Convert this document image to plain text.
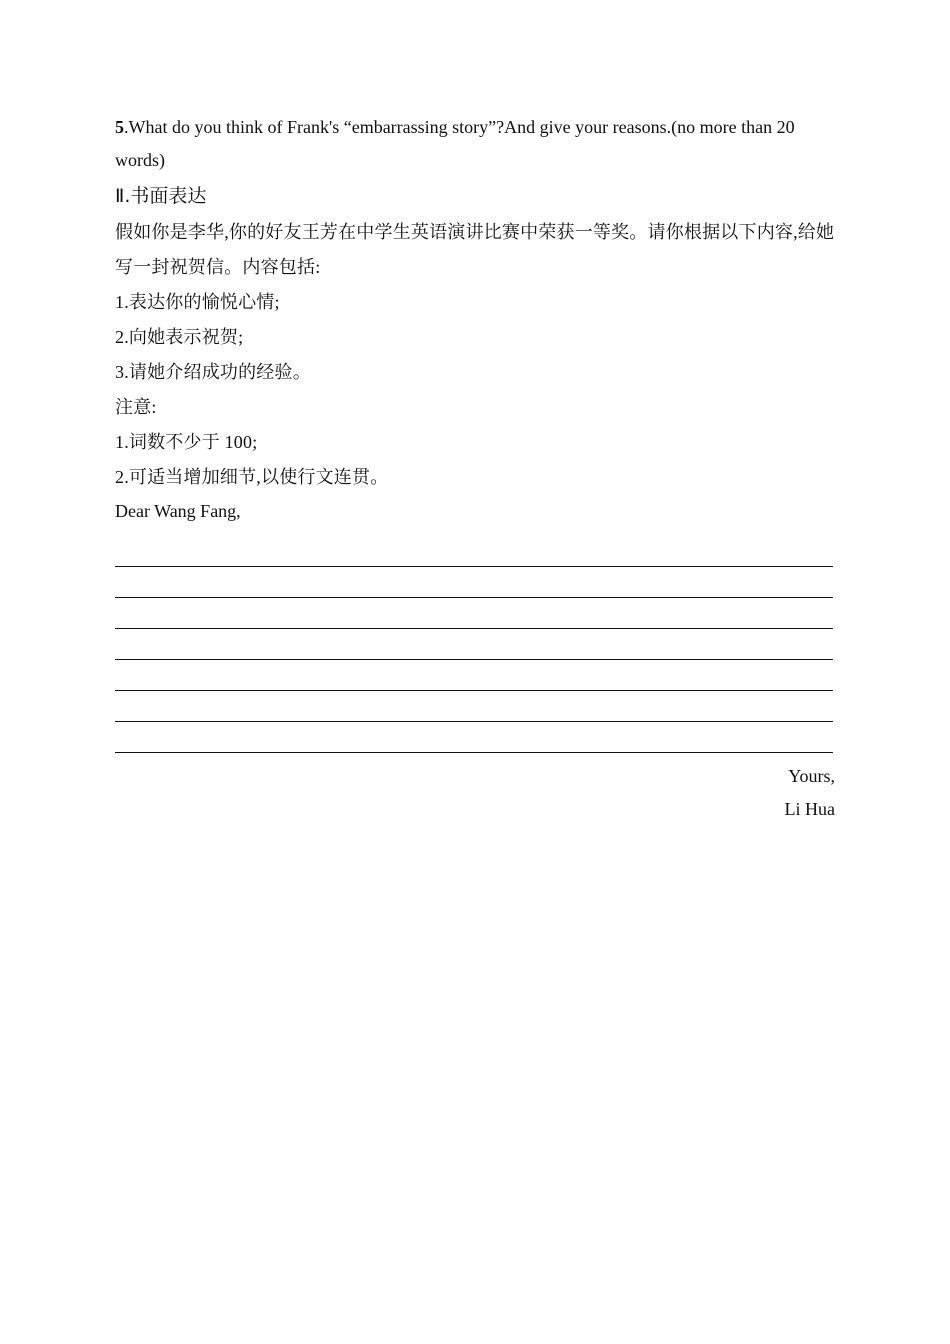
5.What do you think of Frank's “embarrassing story”?And give your reasons.(no more than 20 words)

Ⅱ.书面表达

假如你是李华,你的好友王芳在中学生英语演讲比赛中荣获一等奖。请你根据以下内容,给她写一封祝贺信。内容包括:

1.表达你的愉悦心情;

2.向她表示祝贺;

3.请她介绍成功的经验。

注意:

1.词数不少于 100;

2.可适当增加细节,以使行文连贯。

Dear Wang Fang,

Yours,

Li Hua
